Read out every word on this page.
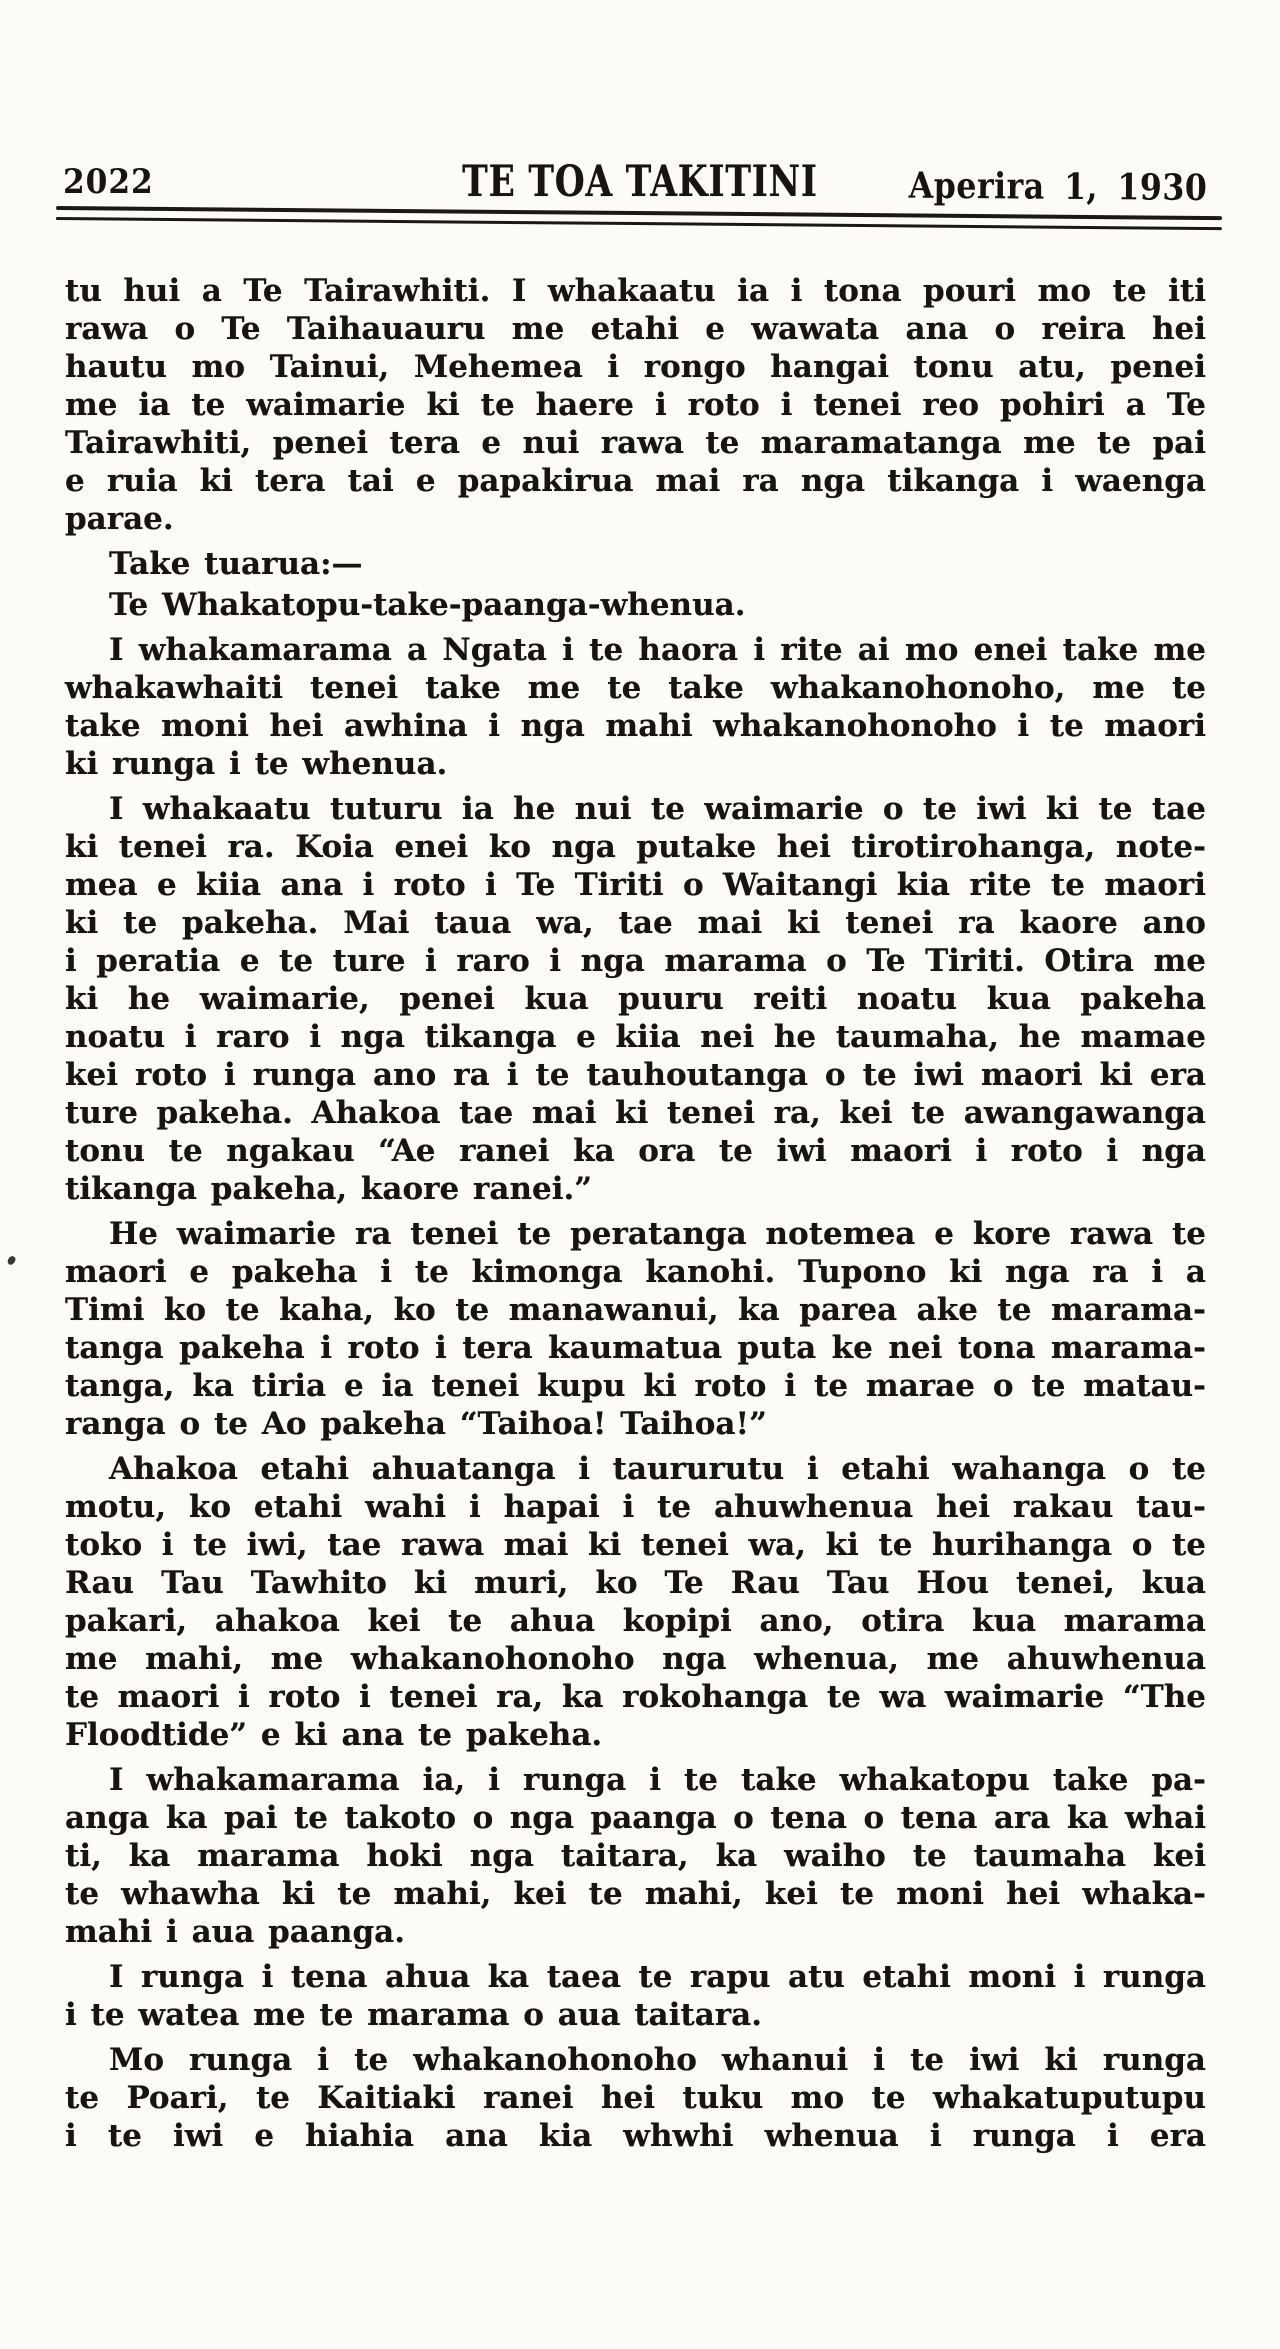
2022	TE TOA TAKITINI	Aperira 1, 1930

tu hui a Te Tairawhiti. I whakaatu ia i tona pouri mo te iti
rawa o Te Taihauauru me etahi e wawata ana o reira hei
hautu mo Tainui, Mehemea i rongo hangai tonu atu, penei
me ia te waimarie ki te haere i roto i tenei reo pohiri a Te
Tairawhiti, penei tera e nui rawa te maramatanga me te pai
e ruia ki tera tai e papakirua mai ra nga tikanga i waenga
parae.

Take tuarua:—

Te Whakatopu-take-paanga-whenua.

I whakamarama a Ngata i te haora i rite ai mo enei take me
whakawhaiti tenei take me te take whakanohonoho, me te
take moni hei awhina i nga mahi whakanohonoho i te maori
ki runga i te whenua.

I whakaatu tuturu ia he nui te waimarie o te iwi ki te tae
ki tenei ra. Koia enei ko nga putake hei tirotirohanga, note-
mea e kiia ana i roto i Te Tiriti o Waitangi kia rite te maori
ki te pakeha. Mai taua wa, tae mai ki tenei ra kaore ano
i peratia e te ture i raro i nga marama o Te Tiriti. Otira me
ki he waimarie, penei kua puuru reiti noatu kua pakeha
noatu i raro i nga tikanga e kiia nei he taumaha, he mamae
kei roto i runga ano ra i te tauhoutanga o te iwi maori ki era
ture pakeha. Ahakoa tae mai ki tenei ra, kei te awangawanga
tonu te ngakau “Ae ranei ka ora te iwi maori i roto i nga
tikanga pakeha, kaore ranei.”

He waimarie ra tenei te peratanga notemea e kore rawa te
maori e pakeha i te kimonga kanohi. Tupono ki nga ra i a
Timi ko te kaha, ko te manawanui, ka parea ake te marama-
tanga pakeha i roto i tera kaumatua puta ke nei tona marama-
tanga, ka tiria e ia tenei kupu ki roto i te marae o te matau-
ranga o te Ao pakeha “Taihoa! Taihoa!”

Ahakoa etahi ahuatanga i taururutu i etahi wahanga o te
motu, ko etahi wahi i hapai i te ahuwhenua hei rakau tau-
toko i te iwi, tae rawa mai ki tenei wa, ki te hurihanga o te
Rau Tau Tawhito ki muri, ko Te Rau Tau Hou tenei, kua
pakari, ahakoa kei te ahua kopipi ano, otira kua marama
me mahi, me whakanohonoho nga whenua, me ahuwhenua
te maori i roto i tenei ra, ka rokohanga te wa waimarie “The
Floodtide” e ki ana te pakeha.

I whakamarama ia, i runga i te take whakatopu take pa-
anga ka pai te takoto o nga paanga o tena o tena ara ka whai
ti, ka marama hoki nga taitara, ka waiho te taumaha kei
te whawha ki te mahi, kei te mahi, kei te moni hei whaka-
mahi i aua paanga.

I runga i tena ahua ka taea te rapu atu etahi moni i runga
i te watea me te marama o aua taitara.

Mo runga i te whakanohonoho whanui i te iwi ki runga
te Poari, te Kaitiaki ranei hei tuku mo te whakatuputupu
i te iwi e hiahia ana kia whwhi whenua i runga i era
